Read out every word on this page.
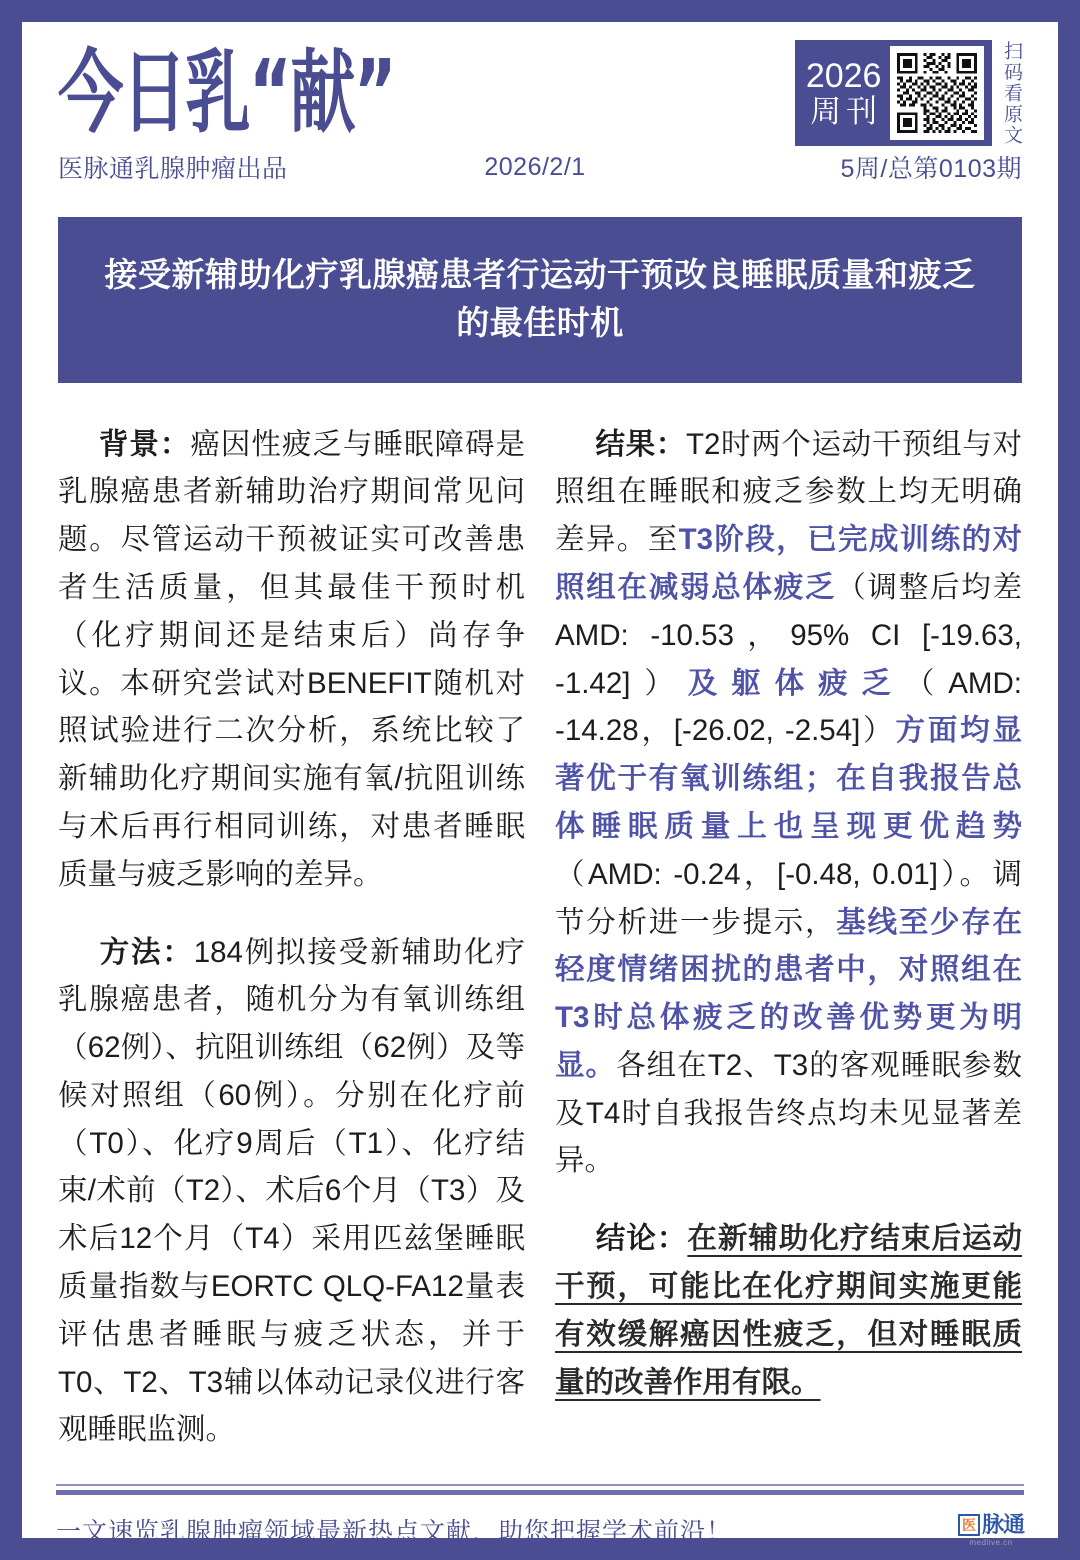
今日乳“献”	2026
周刊	扫码看原文
医脉通乳腺肿瘤出品	2026/2/1	5周/总第0103期
接受新辅助化疗乳腺癌患者行运动干预改良睡眠质量和疲乏的最佳时机

背景：癌因性疲乏与睡眠障碍是乳腺癌患者新辅助治疗期间常见问题。尽管运动干预被证实可改善患者生活质量，但其最佳干预时机（化疗期间还是结束后）尚存争议。本研究尝试对BENEFIT随机对照试验进行二次分析，系统比较了新辅助化疗期间实施有氧/抗阻训练与术后再行相同训练，对患者睡眠质量与疲乏影响的差异。

方法：184例拟接受新辅助化疗乳腺癌患者，随机分为有氧训练组（62例）、抗阻训练组（62例）及等候对照组（60例）。分别在化疗前（T0）、化疗9周后（T1）、化疗结束/术前（T2）、术后6个月（T3）及术后12个月（T4）采用匹兹堡睡眠质量指数与EORTC QLQ-FA12量表评估患者睡眠与疲乏状态，并于T0、T2、T3辅以体动记录仪进行客观睡眠监测。

结果：T2时两个运动干预组与对照组在睡眠和疲乏参数上均无明确差异。至T3阶段，已完成训练的对照组在减弱总体疲乏（调整后均差AMD: -10.53，95% CI [-19.63, -1.42]）及躯体疲乏（AMD: -14.28，[-26.02, -2.54]）方面均显著优于有氧训练组；在自我报告总体睡眠质量上也呈现更优趋势（AMD: -0.24，[-0.48, 0.01]）。调节分析进一步提示，基线至少存在轻度情绪困扰的患者中，对照组在T3时总体疲乏的改善优势更为明显。各组在T2、T3的客观睡眠参数及T4时自我报告终点均未见显著差异。

结论：在新辅助化疗结束后运动干预，可能比在化疗期间实施更能有效缓解癌因性疲乏，但对睡眠质量的改善作用有限。

一文速览乳腺肿瘤领域最新热点文献，助您把握学术前沿！	医 脉通
medlive.cn
